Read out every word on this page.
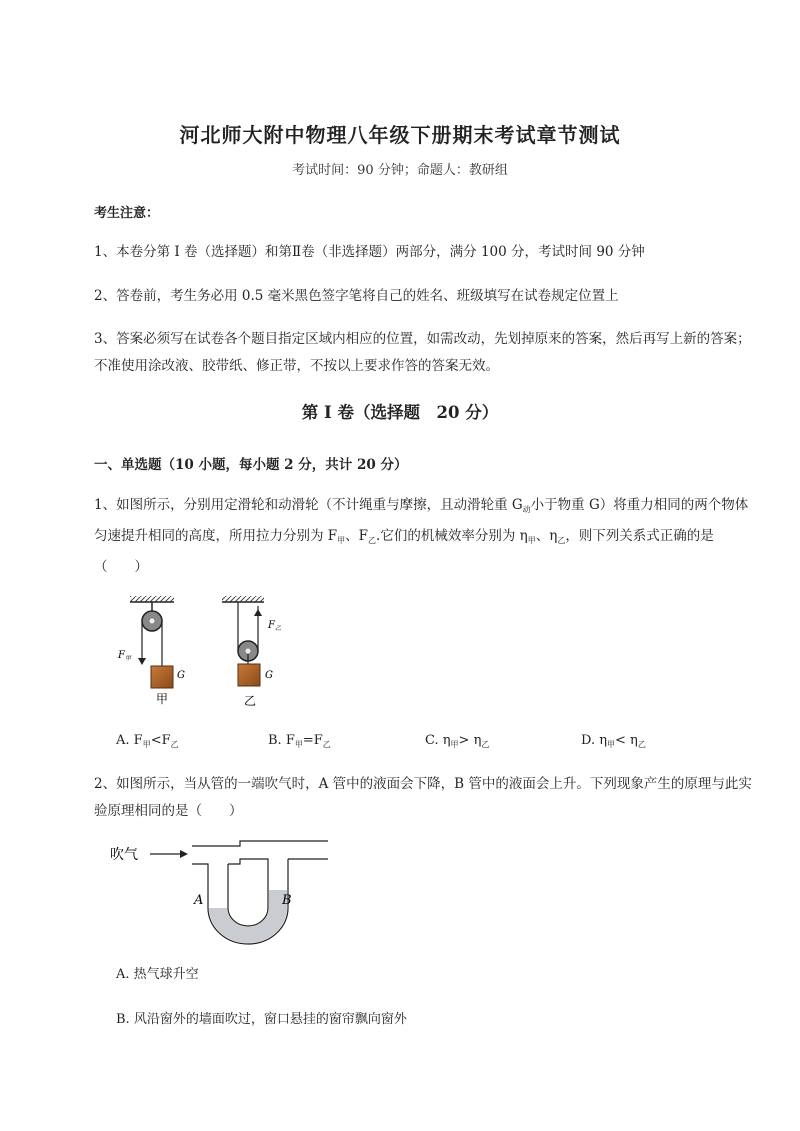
河北师大附中物理八年级下册期末考试章节测试
考试时间：90 分钟；命题人：教研组
考生注意：
1、本卷分第 I 卷（选择题）和第Ⅱ卷（非选择题）两部分，满分 100 分，考试时间 90 分钟
2、答卷前，考生务必用 0.5 毫米黑色签字笔将自己的姓名、班级填写在试卷规定位置上
3、答案必须写在试卷各个题目指定区域内相应的位置，如需改动，先划掉原来的答案，然后再写上新的答案；不准使用涂改液、胶带纸、修正带，不按以上要求作答的答案无效。
第 I 卷（选择题　20 分）
一、单选题（10 小题，每小题 2 分，共计 20 分）
1、如图所示，分别用定滑轮和动滑轮（不计绳重与摩擦，且动滑轮重 $G_动$小于物重 G）将重力相同的两个物体匀速提升相同的高度，所用拉力分别为 $F_甲$、$F_乙$.它们的机械效率分别为 $\eta_甲$、$\eta_乙$，则下列关系式正确的是（　　）
$F_甲$
G
甲
$F_乙$
G
乙
A. $F_甲<F_乙$	B. $F_甲=F_乙$	C. $\eta_甲> \eta_乙$	D. $\eta_甲< \eta_乙$
2、如图所示，当从管的一端吹气时，A 管中的液面会下降，B 管中的液面会上升。下列现象产生的原理与此实验原理相同的是（　　）
吹气
A	B
A. 热气球升空
B. 风沿窗外的墙面吹过，窗口悬挂的窗帘飘向窗外
